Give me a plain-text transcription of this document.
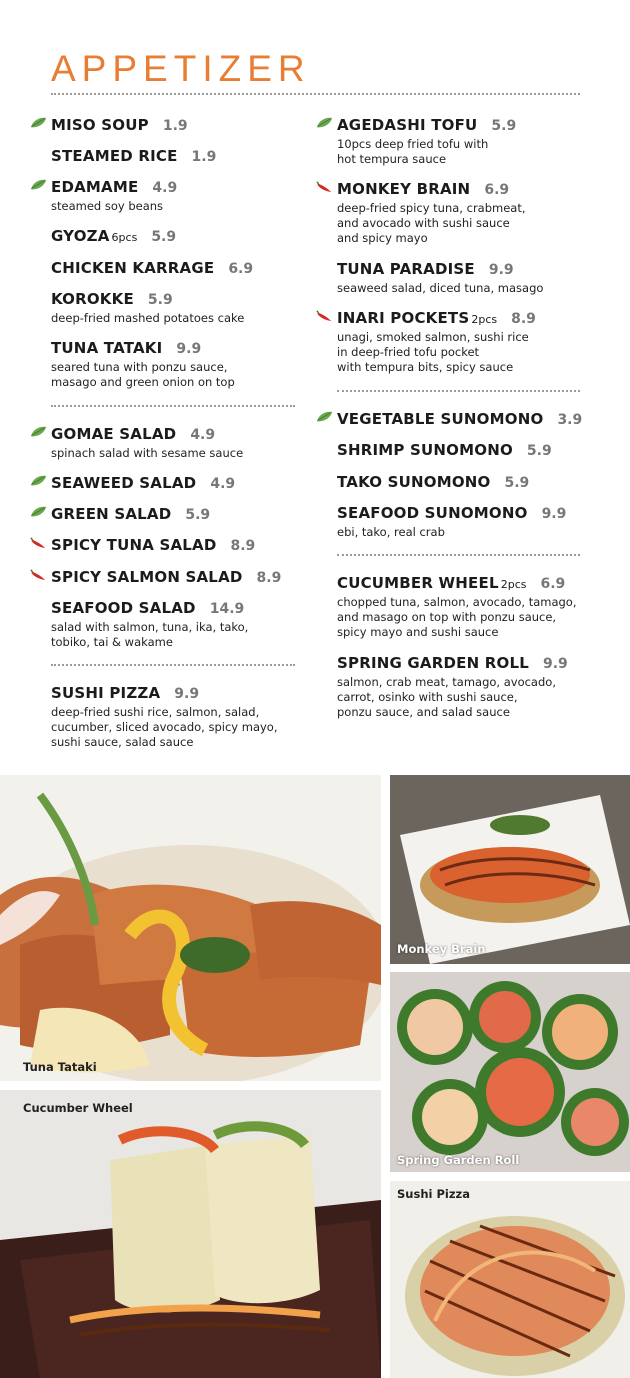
APPETIZER
MISO SOUP 1.9
STEAMED RICE 1.9
EDAMAME 4.9
steamed soy beans
GYOZA 6pcs 5.9
CHICKEN KARRAGE 6.9
KOROKKE 5.9
deep-fried mashed potatoes cake
TUNA TATAKI 9.9
seared tuna with ponzu sauce,
masago and green onion on top
GOMAE SALAD 4.9
spinach salad with sesame sauce
SEAWEED SALAD 4.9
GREEN SALAD 5.9
SPICY TUNA SALAD 8.9
SPICY SALMON SALAD 8.9
SEAFOOD SALAD 14.9
salad with salmon, tuna, ika, tako,
tobiko, tai & wakame
SUSHI PIZZA 9.9
deep-fried sushi rice, salmon, salad,
cucumber, sliced avocado, spicy mayo,
sushi sauce, salad sauce
AGEDASHI TOFU 5.9
10pcs deep fried tofu with
hot tempura sauce
MONKEY BRAIN 6.9
deep-fried spicy tuna, crabmeat,
and avocado with sushi sauce
and spicy mayo
TUNA PARADISE 9.9
seaweed salad, diced tuna, masago
INARI POCKETS 2pcs 8.9
unagi, smoked salmon, sushi rice
in deep-fried tofu pocket
with tempura bits, spicy sauce
VEGETABLE SUNOMONO 3.9
SHRIMP SUNOMONO 5.9
TAKO SUNOMONO 5.9
SEAFOOD SUNOMONO 9.9
ebi, tako, real crab
CUCUMBER WHEEL 2pcs 6.9
chopped tuna, salmon, avocado, tamago,
and masago on top with ponzu sauce,
spicy mayo and sushi sauce
SPRING GARDEN ROLL 9.9
salmon, crab meat, tamago, avocado,
carrot, osinko with sushi sauce,
ponzu sauce, and salad sauce
Tuna Tataki
Monkey Brain
Cucumber Wheel
Spring Garden Roll
Sushi Pizza
